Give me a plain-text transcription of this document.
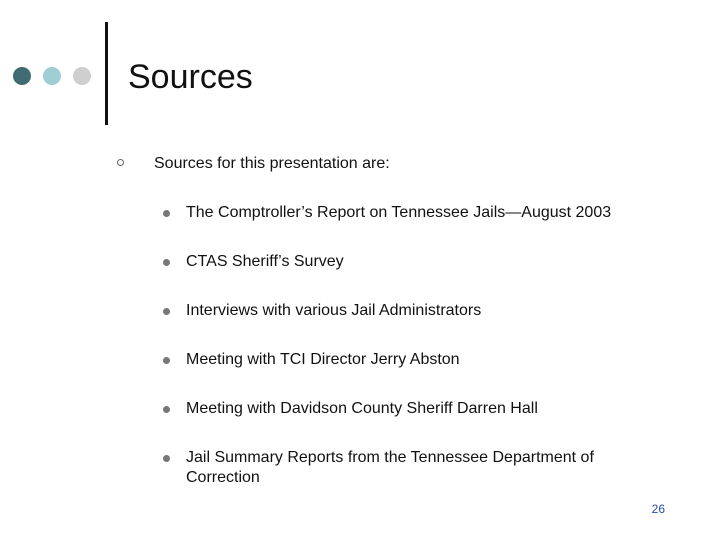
Sources
Sources for this presentation are:
The Comptroller’s Report on Tennessee Jails—August 2003
CTAS Sheriff’s Survey
Interviews with various Jail Administrators
Meeting with TCI Director Jerry Abston
Meeting with Davidson County Sheriff Darren Hall
Jail Summary Reports from the Tennessee Department of Correction
26
